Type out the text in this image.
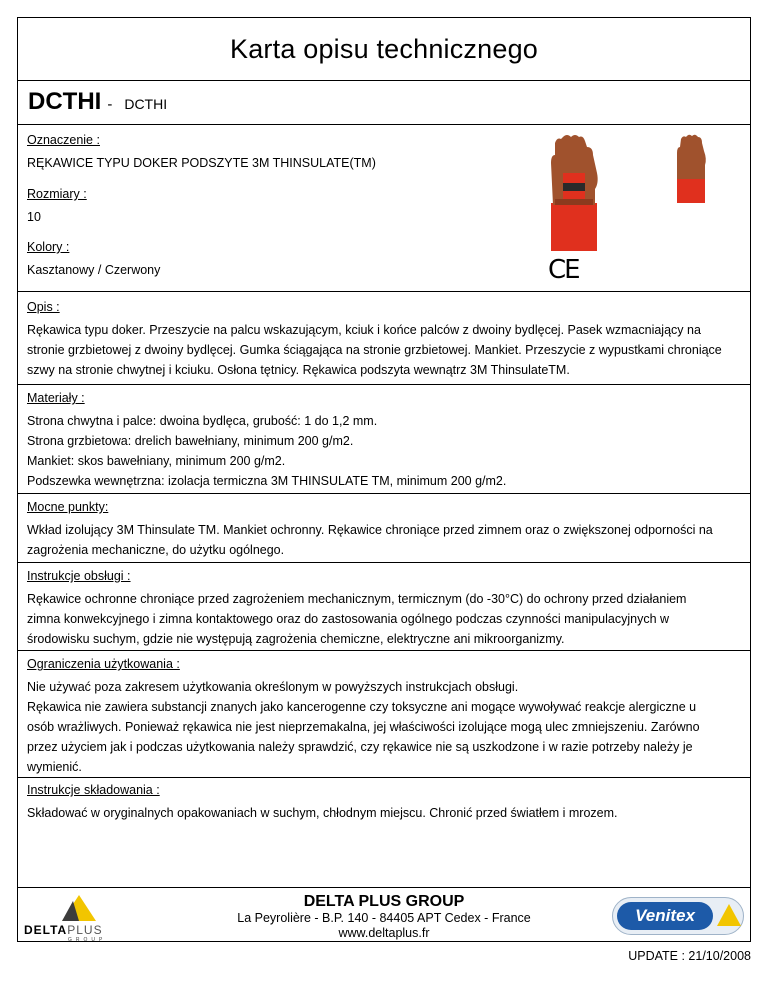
Karta opisu technicznego
DCTHI - DCTHI
CE
Oznaczenie :
RĘKAWICE TYPU DOKER PODSZYTE 3M THINSULATE(TM)
Rozmiary :
10
Kolory :
Kasztanowy / Czerwony
Opis :
Rękawica typu doker. Przeszycie na palcu wskazującym, kciuk i końce palców z dwoiny bydlęcej. Pasek wzmacniający na
stronie grzbietowej z dwoiny bydlęcej. Gumka ściągająca na stronie grzbietowej. Mankiet. Przeszycie z wypustkami chroniące
szwy na stronie chwytnej i kciuku. Osłona tętnicy. Rękawica podszyta wewnątrz 3M ThinsulateTM.
Materiały :
Strona chwytna i palce: dwoina bydlęca, grubość: 1 do 1,2 mm.
Strona grzbietowa: drelich bawełniany, minimum 200 g/m2.
Mankiet: skos bawełniany, minimum 200 g/m2.
Podszewka wewnętrzna: izolacja termiczna 3M THINSULATE TM, minimum 200 g/m2.
Mocne punkty:
Wkład izolujący 3M Thinsulate TM. Mankiet ochronny. Rękawice chroniące przed zimnem oraz o zwiększonej odporności na
zagrożenia mechaniczne, do użytku ogólnego.
Instrukcje obsługi :
Rękawice ochronne chroniące przed zagrożeniem mechanicznym, termicznym (do -30°C) do ochrony przed działaniem
zimna konwekcyjnego i zimna kontaktowego oraz do zastosowania ogólnego podczas czynności manipulacyjnych w
środowisku suchym, gdzie nie występują zagrożenia chemiczne, elektryczne ani mikroorganizmy.
Ograniczenia użytkowania :
Nie używać poza zakresem użytkowania określonym w powyższych instrukcjach obsługi.
Rękawica nie zawiera substancji znanych jako kancerogenne czy toksyczne ani mogące wywoływać reakcje alergiczne u
osób wrażliwych. Ponieważ rękawica nie jest nieprzemakalna, jej właściwości izolujące mogą ulec zmniejszeniu. Zarówno
przez użyciem jak i podczas użytkowania należy sprawdzić, czy rękawice nie są uszkodzone i w razie potrzeby należy je
wymienić.
Instrukcje składowania :
Składować w oryginalnych opakowaniach w suchym, chłodnym miejscu. Chronić przed światłem i mrozem.
DELTA PLUS GROUP
La Peyrolière - B.P. 140 - 84405 APT Cedex - France
www.deltaplus.fr
DELTAPLUS
GROUP
Venitex
UPDATE : 21/10/2008
